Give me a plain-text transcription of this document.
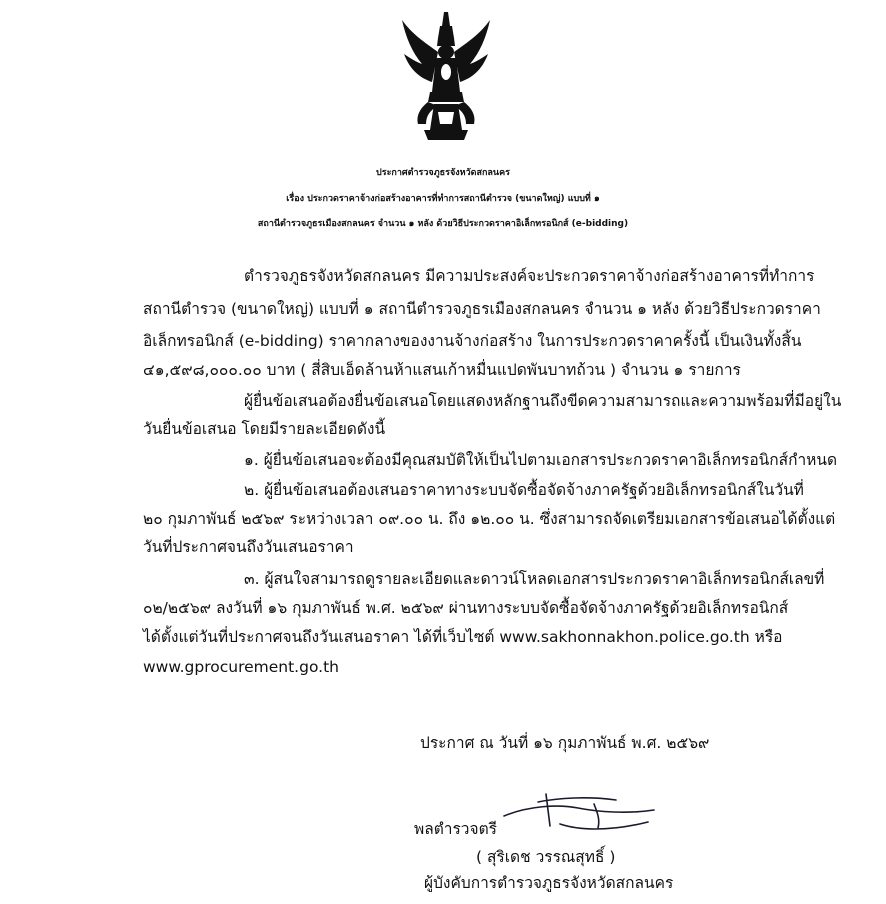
ประกาศตำรวจภูธรจังหวัดสกลนคร
เรื่อง ประกวดราคาจ้างก่อสร้างอาคารที่ทำการสถานีตำรวจ (ขนาดใหญ่) แบบที่ ๑
สถานีตำรวจภูธรเมืองสกลนคร จำนวน ๑ หลัง ด้วยวิธีประกวดราคาอิเล็กทรอนิกส์ (e-bidding)
ตำรวจภูธรจังหวัดสกลนคร มีความประสงค์จะประกวดราคาจ้างก่อสร้างอาคารที่ทำการ
สถานีตำรวจ (ขนาดใหญ่) แบบที่ ๑ สถานีตำรวจภูธรเมืองสกลนคร จำนวน ๑ หลัง ด้วยวิธีประกวดราคา
อิเล็กทรอนิกส์ (e-bidding) ราคากลางของงานจ้างก่อสร้าง ในการประกวดราคาครั้งนี้ เป็นเงินทั้งสิ้น
๔๑,๕๙๘,๐๐๐.๐๐ บาท ( สี่สิบเอ็ดล้านห้าแสนเก้าหมื่นแปดพันบาทถ้วน ) จำนวน ๑ รายการ
ผู้ยื่นข้อเสนอต้องยื่นข้อเสนอโดยแสดงหลักฐานถึงขีดความสามารถและความพร้อมที่มีอยู่ใน
วันยื่นข้อเสนอ โดยมีรายละเอียดดังนี้
๑. ผู้ยื่นข้อเสนอจะต้องมีคุณสมบัติให้เป็นไปตามเอกสารประกวดราคาอิเล็กทรอนิกส์กำหนด
๒. ผู้ยื่นข้อเสนอต้องเสนอราคาทางระบบจัดซื้อจัดจ้างภาครัฐด้วยอิเล็กทรอนิกส์ในวันที่
๒๐ กุมภาพันธ์ ๒๕๖๙ ระหว่างเวลา ๐๙.๐๐ น. ถึง ๑๒.๐๐ น. ซึ่งสามารถจัดเตรียมเอกสารข้อเสนอได้ตั้งแต่
วันที่ประกาศจนถึงวันเสนอราคา
๓. ผู้สนใจสามารถดูรายละเอียดและดาวน์โหลดเอกสารประกวดราคาอิเล็กทรอนิกส์เลขที่
๐๒/๒๕๖๙ ลงวันที่ ๑๖ กุมภาพันธ์ พ.ศ. ๒๕๖๙ ผ่านทางระบบจัดซื้อจัดจ้างภาครัฐด้วยอิเล็กทรอนิกส์
ได้ตั้งแต่วันที่ประกาศจนถึงวันเสนอราคา ได้ที่เว็บไซต์ www.sakhonnakhon.police.go.th หรือ
www.gprocurement.go.th
ประกาศ ณ วันที่ ๑๖ กุมภาพันธ์ พ.ศ. ๒๕๖๙
พลตำรวจตรี
( สุริเดช วรรณสุทธิ์ )
ผู้บังคับการตำรวจภูธรจังหวัดสกลนคร
